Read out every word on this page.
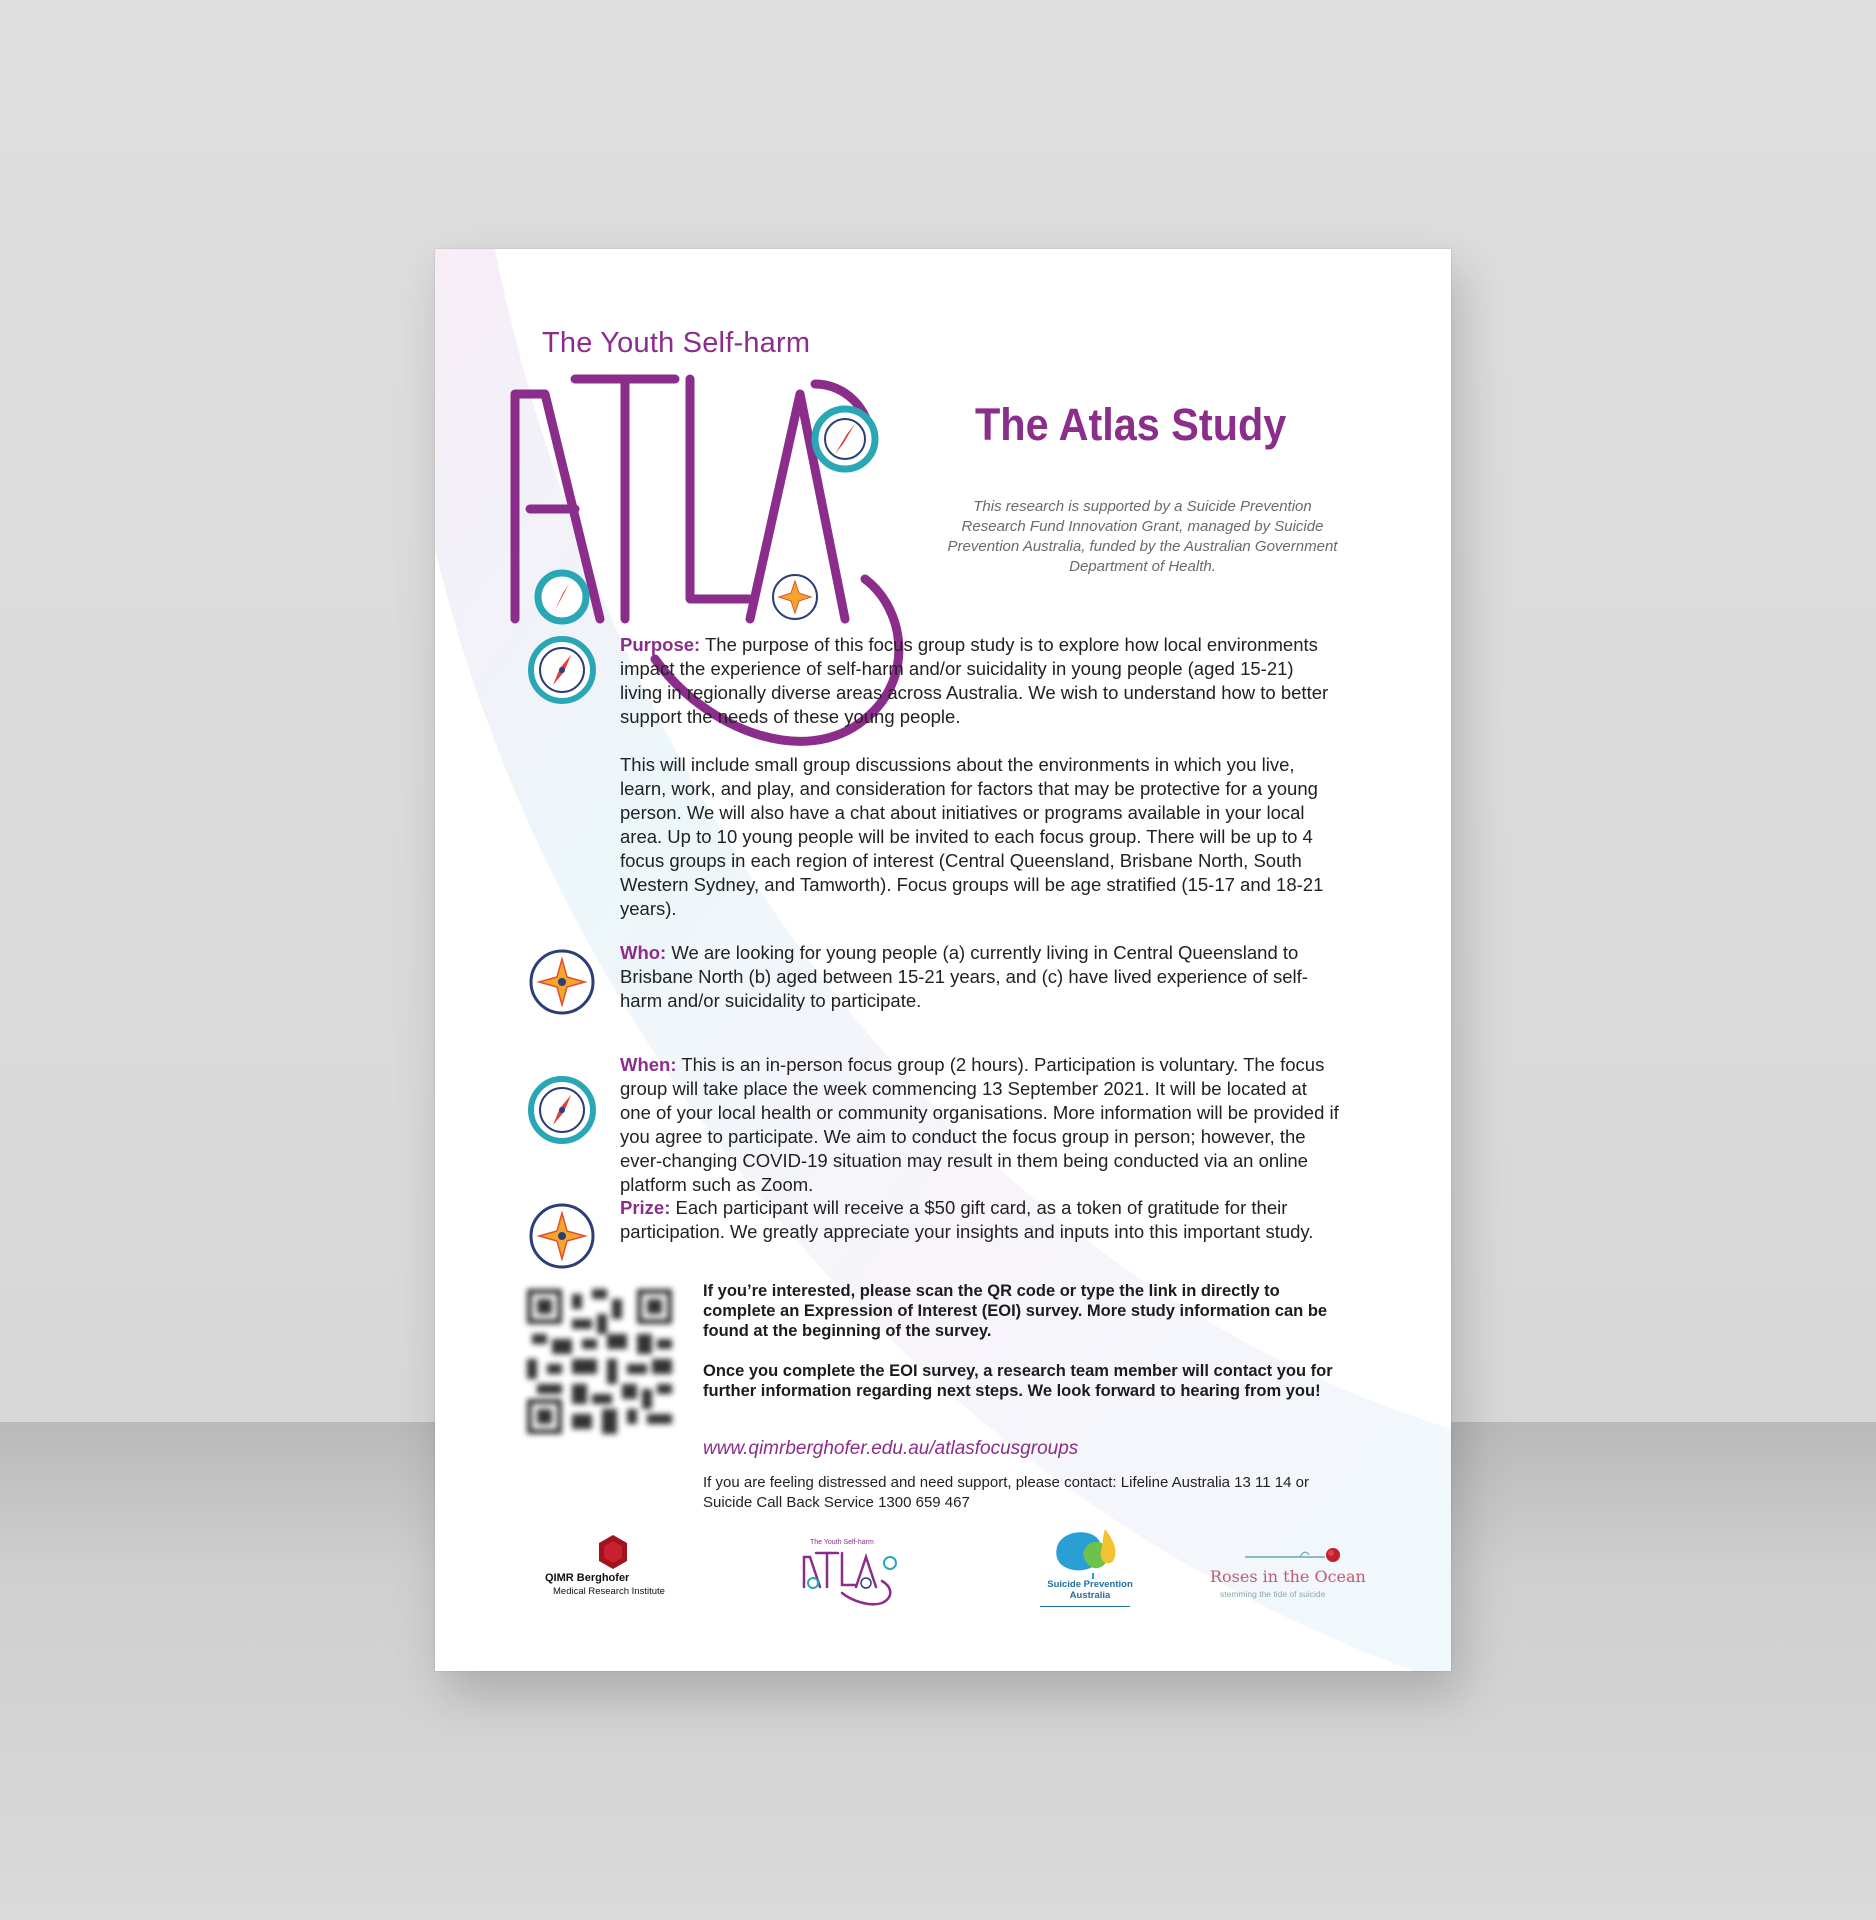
The Youth Self-harm
The Atlas Study
This research is supported by a Suicide Prevention Research Fund Innovation Grant, managed by Suicide Prevention Australia, funded by the Australian Government Department of Health.
Purpose: The purpose of this focus group study is to explore how local environments impact the experience of self-harm and/or suicidality in young people (aged 15-21) living in regionally diverse areas across Australia. We wish to understand how to better support the needs of these young people.
This will include small group discussions about the environments in which you live, learn, work, and play, and consideration for factors that may be protective for a young person. We will also have a chat about initiatives or programs available in your local area. Up to 10 young people will be invited to each focus group. There will be up to 4 focus groups in each region of interest (Central Queensland, Brisbane North, South Western Sydney, and Tamworth). Focus groups will be age stratified (15-17 and 18-21 years).
Who: We are looking for young people (a) currently living in Central Queensland to Brisbane North (b) aged between 15-21 years, and (c) have lived experience of self-harm and/or suicidality to participate.
When: This is an in-person focus group (2 hours). Participation is voluntary. The focus group will take place the week commencing 13 September 2021. It will be located at one of your local health or community organisations. More information will be provided if you agree to participate. We aim to conduct the focus group in person; however, the ever-changing COVID-19 situation may result in them being conducted via an online platform such as Zoom.
Prize: Each participant will receive a $50 gift card, as a token of gratitude for their participation. We greatly appreciate your insights and inputs into this important study.

If you’re interested, please scan the QR code or type the link in directly to complete an Expression of Interest (EOI) survey. More study information can be found at the beginning of the survey.

Once you complete the EOI survey, a research team member will contact you for further information regarding next steps. We look forward to hearing from you!

www.qimrberghofer.edu.au/atlasfocusgroups
If you are feeling distressed and need support, please contact: Lifeline Australia 13 11 14 or Suicide Call Back Service 1300 659 467
QIMR Berghofer
Medical Research Institute
The Youth Self-harm
Suicide Prevention Australia
Roses in the Ocean
stemming the tide of suicide
